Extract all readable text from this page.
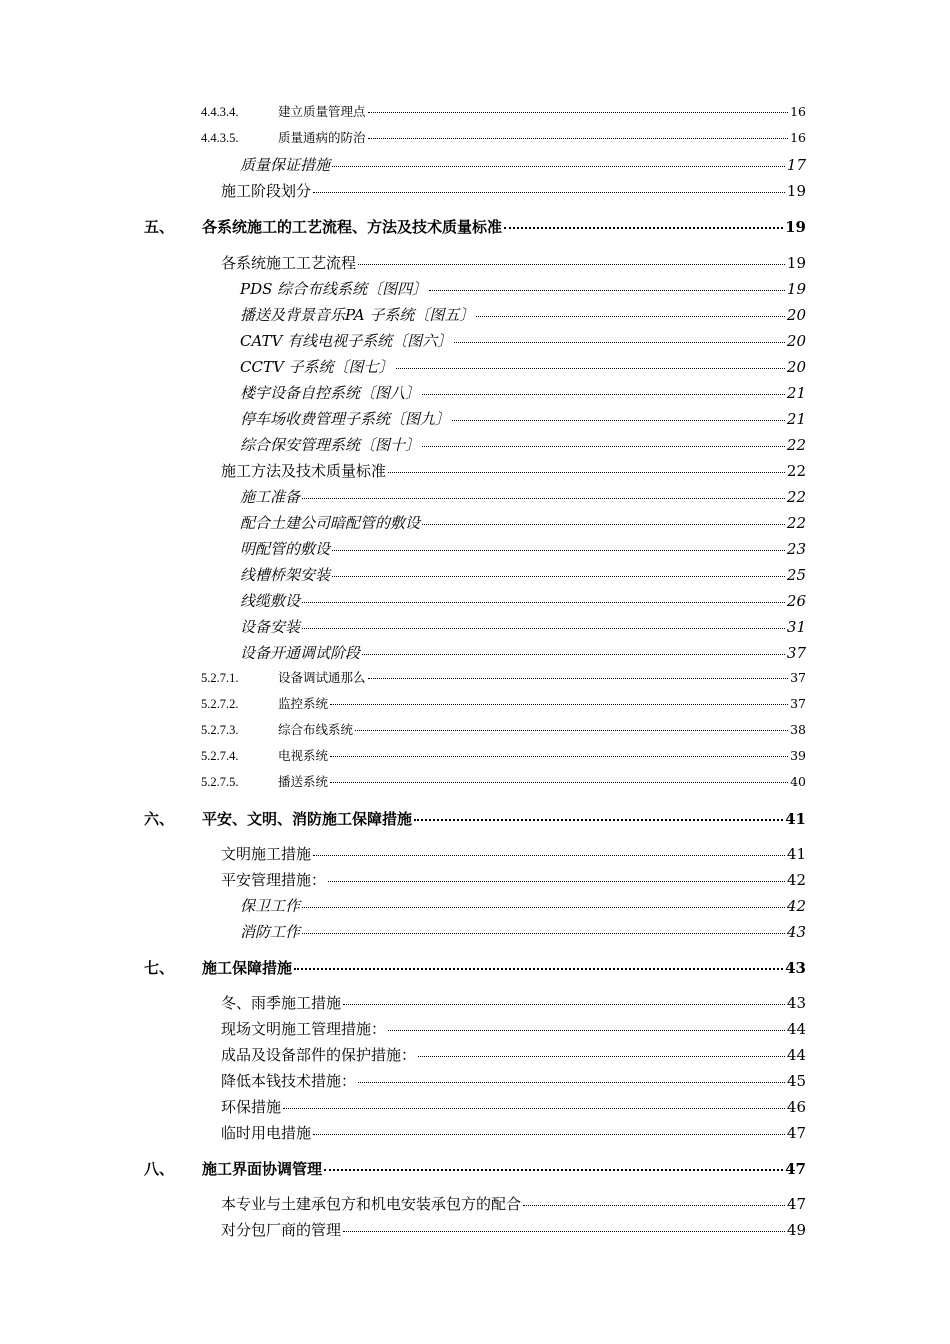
4.4.3.4.	建立质量管理点	16
4.4.3.5.	质量通病的防治	16
质量保证措施	17
施工阶段划分	19
五、 各系统施工的工艺流程、方法及技术质量标准	19
各系统施工工艺流程	19
PDS 综合布线系统〔图四〕	19
播送及背景音乐PA 子系统〔图五〕	20
CATV 有线电视子系统〔图六〕	20
CCTV 子系统〔图七〕	20
楼宇设备自控系统〔图八〕	21
停车场收费管理子系统〔图九〕	21
综合保安管理系统〔图十〕	22
施工方法及技术质量标准	22
施工准备	22
配合土建公司暗配管的敷设	22
明配管的敷设	23
线槽桥架安装	25
线缆敷设	26
设备安装	31
设备开通调试阶段	37
5.2.7.1.	设备调试通那么	37
5.2.7.2.	监控系统	37
5.2.7.3.	综合布线系统	38
5.2.7.4.	电视系统	39
5.2.7.5.	播送系统	40
六、 平安、文明、消防施工保障措施	41
文明施工措施	41
平安管理措施：	42
保卫工作	42
消防工作	43
七、 施工保障措施	43
冬、雨季施工措施	43
现场文明施工管理措施：	44
成品及设备部件的保护措施：	44
降低本钱技术措施：	45
环保措施	46
临时用电措施	47
八、 施工界面协调管理	47
本专业与土建承包方和机电安装承包方的配合	47
对分包厂商的管理	49
